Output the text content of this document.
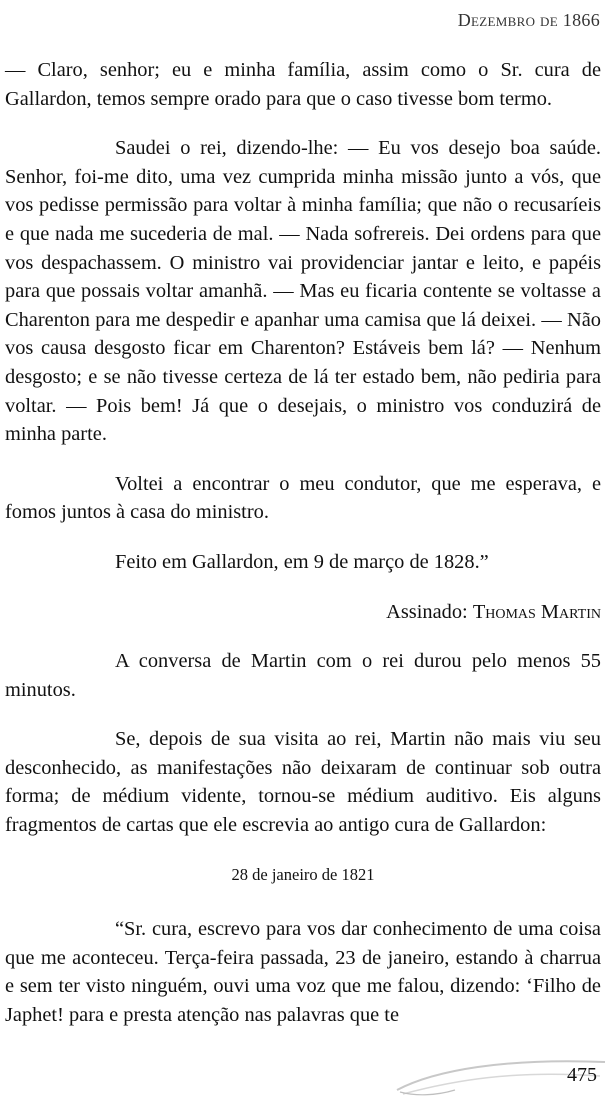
Dezembro de 1866

— Claro, senhor; eu e minha família, assim como o Sr. cura de Gallardon, temos sempre orado para que o caso tivesse bom termo.

Saudei o rei, dizendo-lhe: — Eu vos desejo boa saúde. Senhor, foi-me dito, uma vez cumprida minha missão junto a vós, que vos pedisse permissão para voltar à minha família; que não o recusaríeis e que nada me sucederia de mal. — Nada sofrereis. Dei ordens para que vos despachassem. O ministro vai providenciar jantar e leito, e papéis para que possais voltar amanhã. — Mas eu ficaria contente se voltasse a Charenton para me despedir e apanhar uma camisa que lá deixei. — Não vos causa desgosto ficar em Charenton? Estáveis bem lá? — Nenhum desgosto; e se não tivesse certeza de lá ter estado bem, não pediria para voltar. — Pois bem! Já que o desejais, o ministro vos conduzirá de minha parte.

Voltei a encontrar o meu condutor, que me esperava, e fomos juntos à casa do ministro.

Feito em Gallardon, em 9 de março de 1828.”

Assinado: Thomas Martin

A conversa de Martin com o rei durou pelo menos 55 minutos.

Se, depois de sua visita ao rei, Martin não mais viu seu desconhecido, as manifestações não deixaram de continuar sob outra forma; de médium vidente, tornou-se médium auditivo. Eis alguns fragmentos de cartas que ele escrevia ao antigo cura de Gallardon:

28 de janeiro de 1821

“Sr. cura, escrevo para vos dar conhecimento de uma coisa que me aconteceu. Terça-feira passada, 23 de janeiro, estando à charrua e sem ter visto ninguém, ouvi uma voz que me falou, dizendo: ‘Filho de Japhet! para e presta atenção nas palavras que te

475
